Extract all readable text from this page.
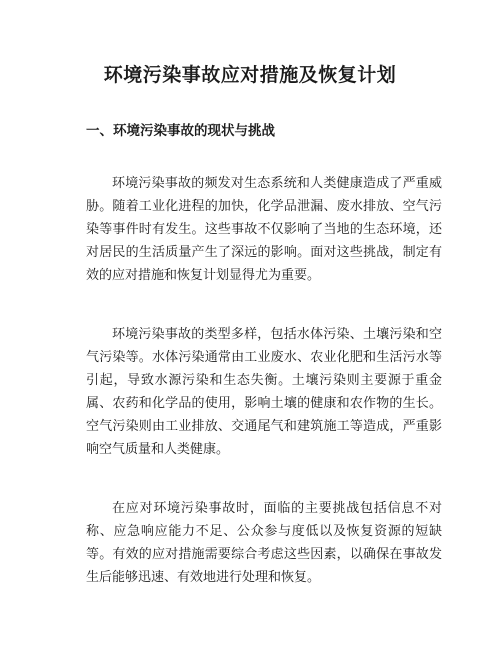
环境污染事故应对措施及恢复计划
一、环境污染事故的现状与挑战

环境污染事故的频发对生态系统和人类健康造成了严重威胁。随着工业化进程的加快，化学品泄漏、废水排放、空气污染等事件时有发生。这些事故不仅影响了当地的生态环境，还对居民的生活质量产生了深远的影响。面对这些挑战，制定有效的应对措施和恢复计划显得尤为重要。

环境污染事故的类型多样，包括水体污染、土壤污染和空气污染等。水体污染通常由工业废水、农业化肥和生活污水等引起，导致水源污染和生态失衡。土壤污染则主要源于重金属、农药和化学品的使用，影响土壤的健康和农作物的生长。空气污染则由工业排放、交通尾气和建筑施工等造成，严重影响空气质量和人类健康。

在应对环境污染事故时，面临的主要挑战包括信息不对称、应急响应能力不足、公众参与度低以及恢复资源的短缺等。有效的应对措施需要综合考虑这些因素，以确保在事故发生后能够迅速、有效地进行处理和恢复。
